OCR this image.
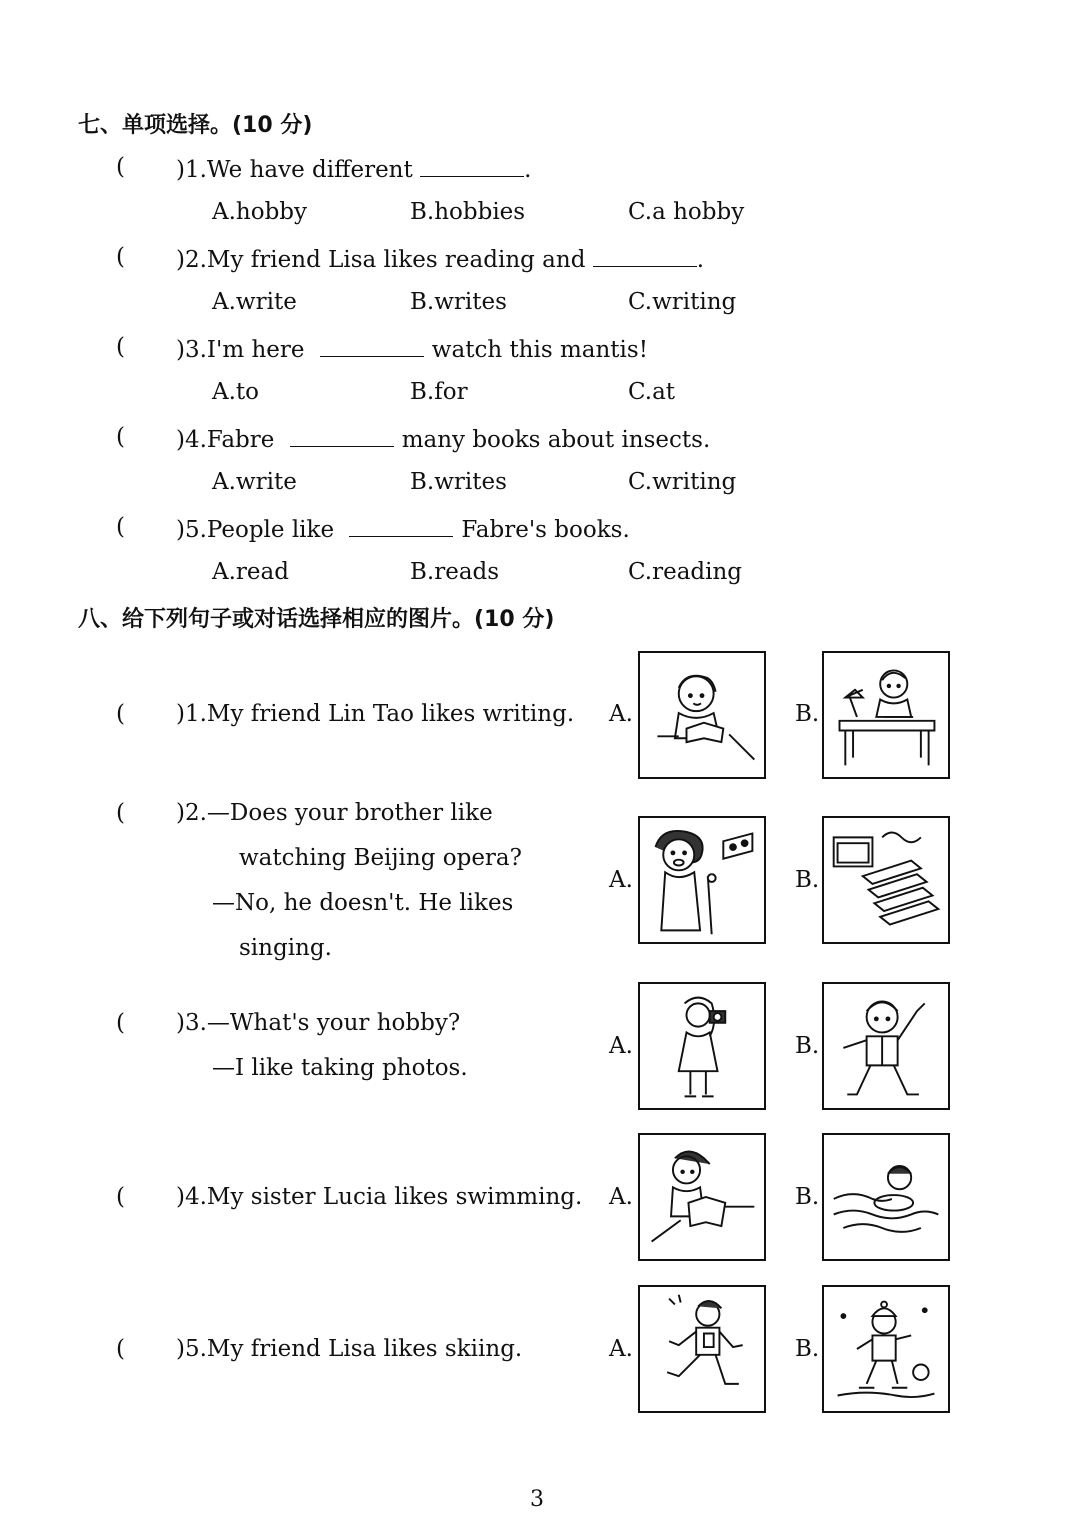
七、单项选择。(10 分)
( )1.We have different	.
A.hobby	B.hobbies	C.a hobby
( )2.My friend Lisa likes reading and	.
A.write	B.writes	C.writing
( )3.I'm here	watch this mantis!
A.to	B.for	C.at
( )4.Fabre	many books about insects.
A.write	B.writes	C.writing
( )5.People like	Fabre's books.
A.read	B.reads	C.reading
八、给下列句子或对话选择相应的图片。(10 分)
( )1.My friend Lin Tao likes writing. A.	B.
( )2.—Does your brother like
watching Beijing opera?
—No, he doesn't. He likes
singing.
A.	B.
( )3.—What's your hobby?
—I like taking photos.
A.	B.
( )4.My sister Lucia likes swimming. A.	B.
( )5.My friend Lisa likes skiing.	A.	B.
3
